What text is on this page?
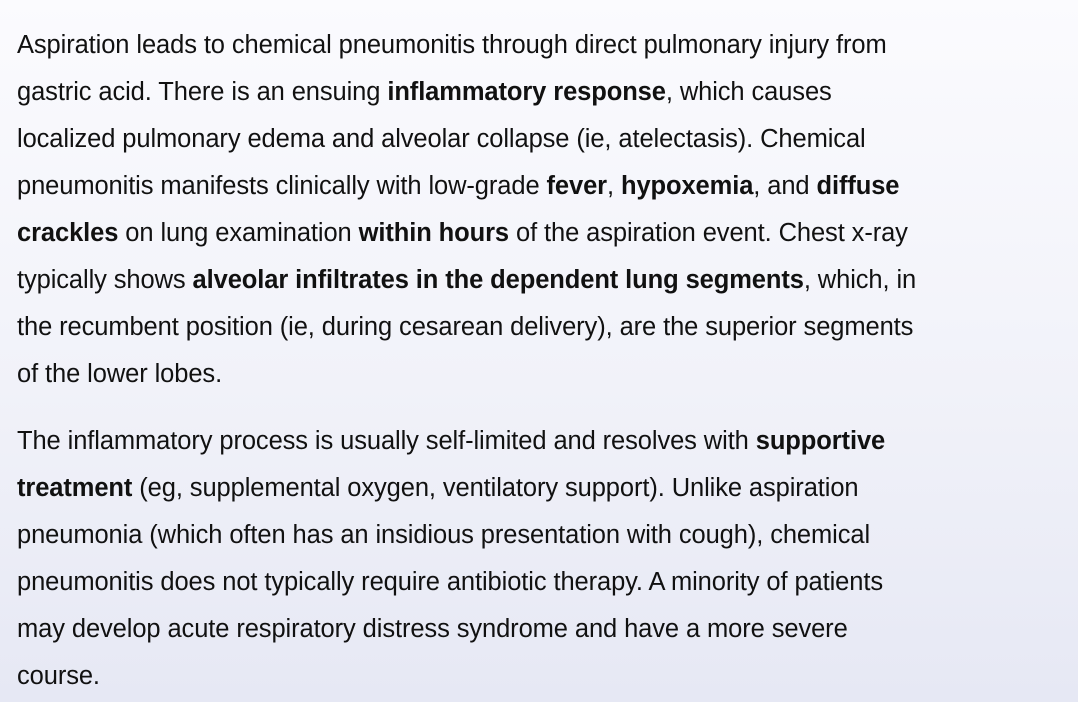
Aspiration leads to chemical pneumonitis through direct pulmonary injury from
gastric acid. There is an ensuing inflammatory response, which causes
localized pulmonary edema and alveolar collapse (ie, atelectasis). Chemical
pneumonitis manifests clinically with low-grade fever, hypoxemia, and diffuse
crackles on lung examination within hours of the aspiration event. Chest x-ray
typically shows alveolar infiltrates in the dependent lung segments, which, in
the recumbent position (ie, during cesarean delivery), are the superior segments
of the lower lobes.

The inflammatory process is usually self-limited and resolves with supportive
treatment (eg, supplemental oxygen, ventilatory support). Unlike aspiration
pneumonia (which often has an insidious presentation with cough), chemical
pneumonitis does not typically require antibiotic therapy. A minority of patients
may develop acute respiratory distress syndrome and have a more severe
course.
